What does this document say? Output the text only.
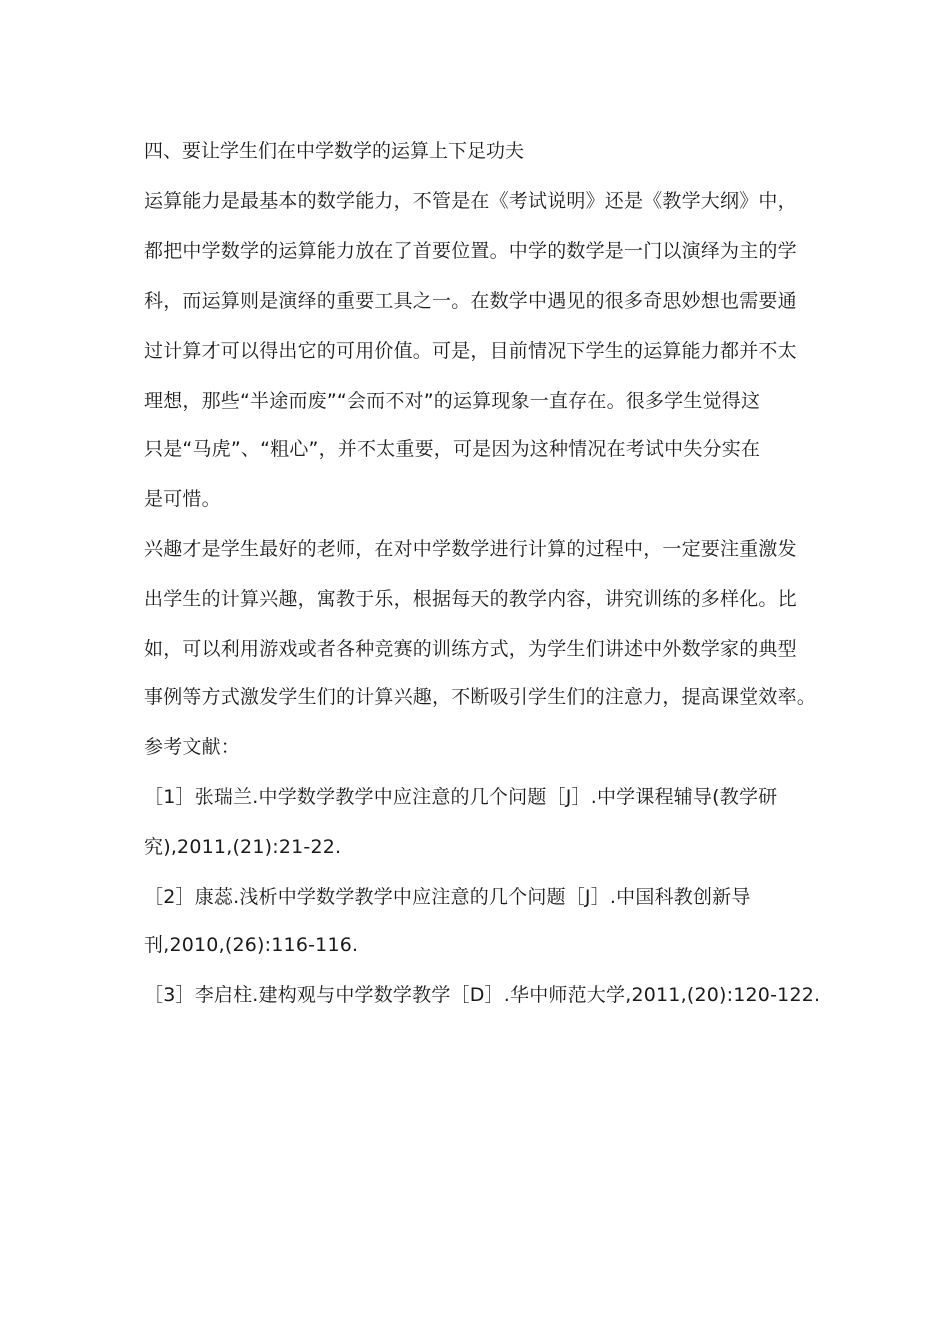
四、要让学生们在中学数学的运算上下足功夫
运算能力是最基本的数学能力，不管是在《考试说明》还是《教学大纲》中，
都把中学数学的运算能力放在了首要位置。中学的数学是一门以演绎为主的学
科，而运算则是演绎的重要工具之一。在数学中遇见的很多奇思妙想也需要通
过计算才可以得出它的可用价值。可是，目前情况下学生的运算能力都并不太
理想，那些“半途而废”“会而不对”的运算现象一直存在。很多学生觉得这
只是“马虎”、“粗心”，并不太重要，可是因为这种情况在考试中失分实在
是可惜。
兴趣才是学生最好的老师，在对中学数学进行计算的过程中，一定要注重激发
出学生的计算兴趣，寓教于乐，根据每天的教学内容，讲究训练的多样化。比
如，可以利用游戏或者各种竞赛的训练方式，为学生们讲述中外数学家的典型
事例等方式激发学生们的计算兴趣，不断吸引学生们的注意力，提高课堂效率。
参考文献：
［1］张瑞兰.中学数学教学中应注意的几个问题［J］.中学课程辅导(教学研
究),2011,(21):21-22.
［2］康蕊.浅析中学数学教学中应注意的几个问题［J］.中国科教创新导
刊,2010,(26):116-116.
［3］李启柱.建构观与中学数学教学［D］.华中师范大学,2011,(20):120-122.
